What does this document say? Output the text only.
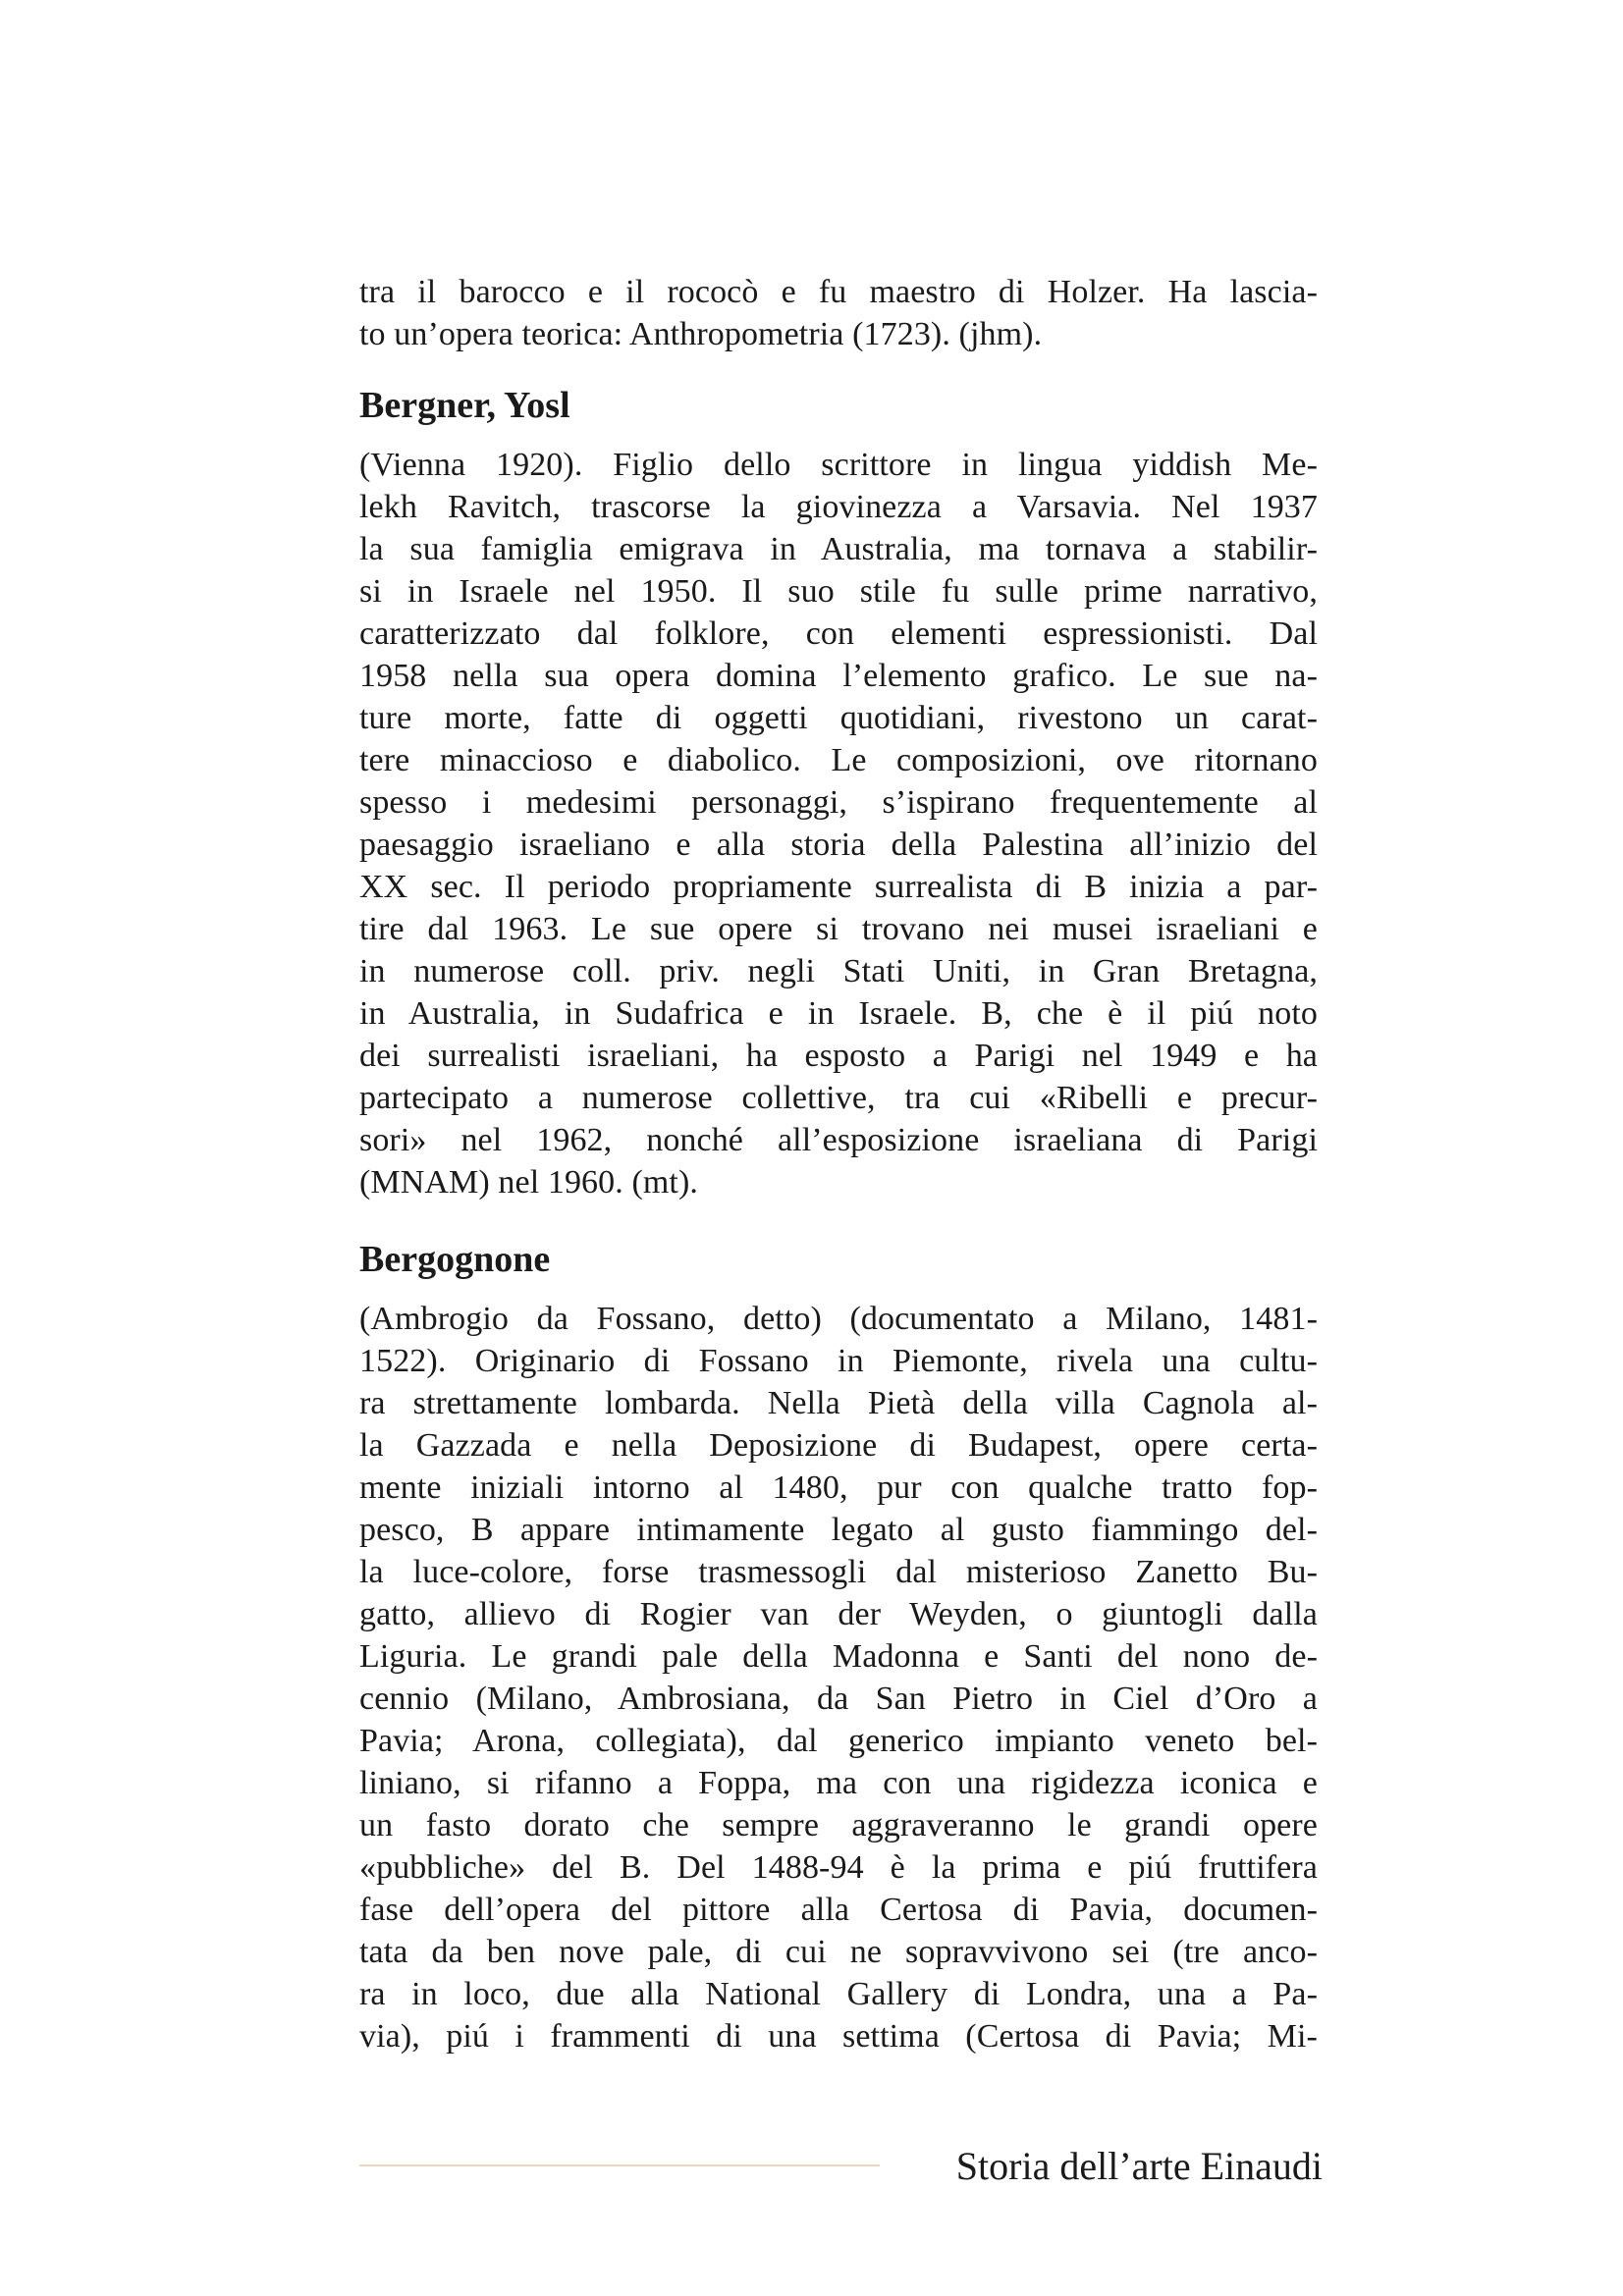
tra il barocco e il rococò e fu maestro di Holzer. Ha lascia-
to un’opera teorica: Anthropometria (1723). (jhm).
Bergner, Yosl
(Vienna 1920). Figlio dello scrittore in lingua yiddish Me-
lekh Ravitch, trascorse la giovinezza a Varsavia. Nel 1937
la sua famiglia emigrava in Australia, ma tornava a stabilir-
si in Israele nel 1950. Il suo stile fu sulle prime narrativo,
caratterizzato dal folklore, con elementi espressionisti. Dal
1958 nella sua opera domina l’elemento grafico. Le sue na-
ture morte, fatte di oggetti quotidiani, rivestono un carat-
tere minaccioso e diabolico. Le composizioni, ove ritornano
spesso i medesimi personaggi, s’ispirano frequentemente al
paesaggio israeliano e alla storia della Palestina all’inizio del
XX sec. Il periodo propriamente surrealista di B inizia a par-
tire dal 1963. Le sue opere si trovano nei musei israeliani e
in numerose coll. priv. negli Stati Uniti, in Gran Bretagna,
in Australia, in Sudafrica e in Israele. B, che è il piú noto
dei surrealisti israeliani, ha esposto a Parigi nel 1949 e ha
partecipato a numerose collettive, tra cui «Ribelli e precur-
sori» nel 1962, nonché all’esposizione israeliana di Parigi
(MNAM) nel 1960. (mt).
Bergognone
(Ambrogio da Fossano, detto) (documentato a Milano, 1481-
1522). Originario di Fossano in Piemonte, rivela una cultu-
ra strettamente lombarda. Nella Pietà della villa Cagnola al-
la Gazzada e nella Deposizione di Budapest, opere certa-
mente iniziali intorno al 1480, pur con qualche tratto fop-
pesco, B appare intimamente legato al gusto fiammingo del-
la luce-colore, forse trasmessogli dal misterioso Zanetto Bu-
gatto, allievo di Rogier van der Weyden, o giuntogli dalla
Liguria. Le grandi pale della Madonna e Santi del nono de-
cennio (Milano, Ambrosiana, da San Pietro in Ciel d’Oro a
Pavia; Arona, collegiata), dal generico impianto veneto bel-
liniano, si rifanno a Foppa, ma con una rigidezza iconica e
un fasto dorato che sempre aggraveranno le grandi opere
«pubbliche» del B. Del 1488-94 è la prima e piú fruttifera
fase dell’opera del pittore alla Certosa di Pavia, documen-
tata da ben nove pale, di cui ne sopravvivono sei (tre anco-
ra in loco, due alla National Gallery di Londra, una a Pa-
via), piú i frammenti di una settima (Certosa di Pavia; Mi-
Storia dell’arte Einaudi
